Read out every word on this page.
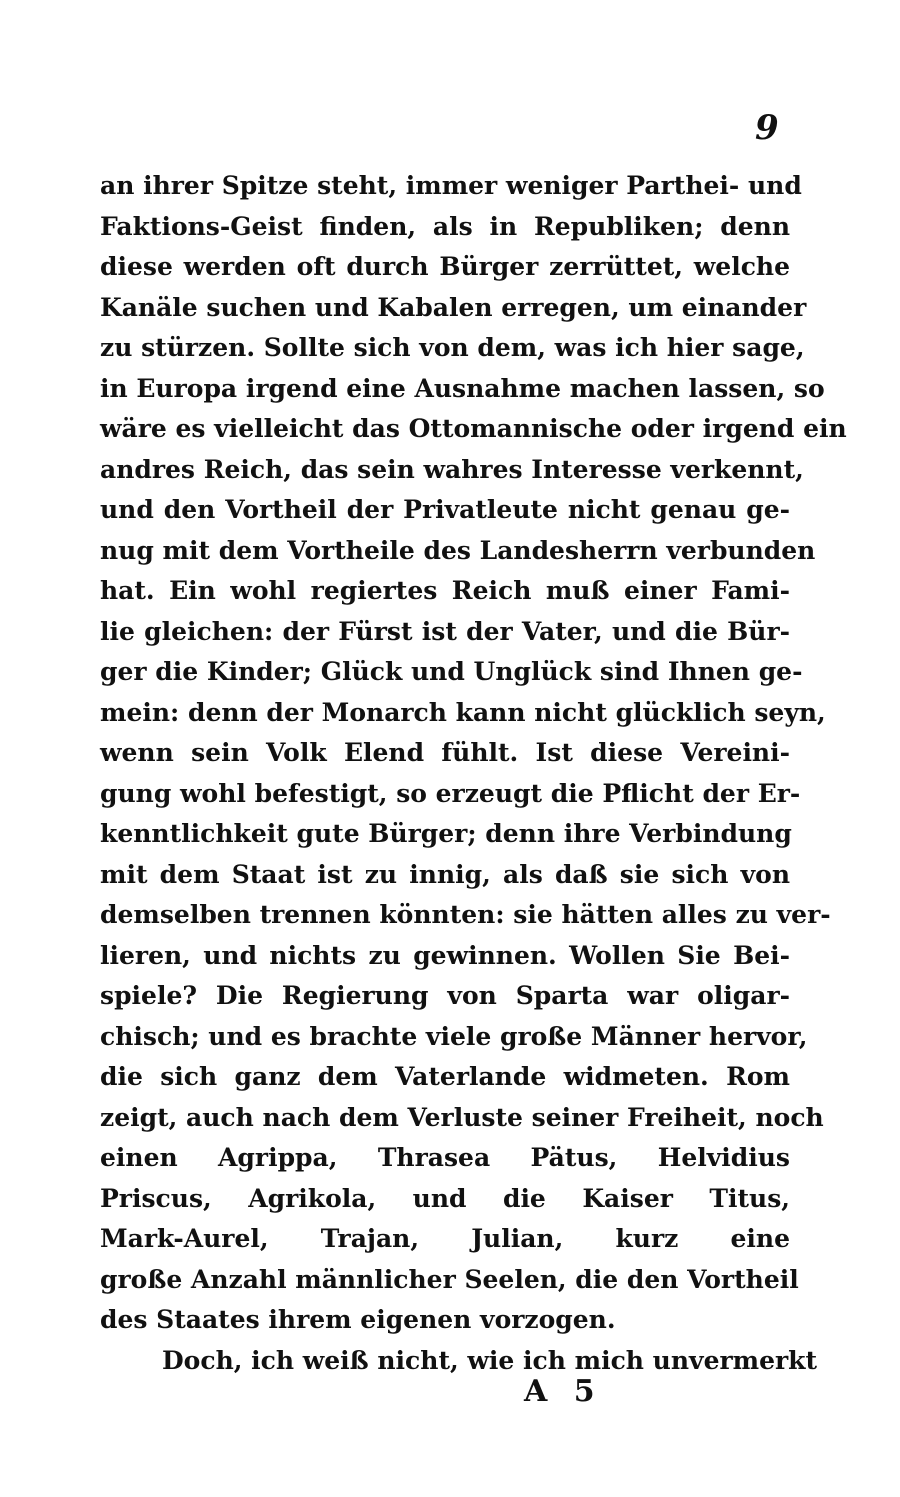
9
an ihrer Spitze steht, immer weniger Parthei- und
Faktions-Geist finden, als in Republiken; denn
diese werden oft durch Bürger zerrüttet, welche
Kanäle suchen und Kabalen erregen, um einander
zu stürzen. Sollte sich von dem, was ich hier sage,
in Europa irgend eine Ausnahme machen lassen, so
wäre es vielleicht das Ottomannische oder irgend ein
andres Reich, das sein wahres Interesse verkennt,
und den Vortheil der Privatleute nicht genau ge-
nug mit dem Vortheile des Landesherrn verbunden
hat. Ein wohl regiertes Reich muß einer Fami-
lie gleichen: der Fürst ist der Vater, und die Bür-
ger die Kinder; Glück und Unglück sind Ihnen ge-
mein: denn der Monarch kann nicht glücklich seyn,
wenn sein Volk Elend fühlt. Ist diese Vereini-
gung wohl befestigt, so erzeugt die Pflicht der Er-
kenntlichkeit gute Bürger; denn ihre Verbindung
mit dem Staat ist zu innig, als daß sie sich von
demselben trennen könnten: sie hätten alles zu ver-
lieren, und nichts zu gewinnen. Wollen Sie Bei-
spiele? Die Regierung von Sparta war oligar-
chisch; und es brachte viele große Männer hervor,
die sich ganz dem Vaterlande widmeten. Rom
zeigt, auch nach dem Verluste seiner Freiheit, noch
einen Agrippa, Thrasea Pätus, Helvidius
Priscus, Agrikola, und die Kaiser Titus,
Mark-Aurel, Trajan, Julian, kurz eine
große Anzahl männlicher Seelen, die den Vortheil
des Staates ihrem eigenen vorzogen.
Doch, ich weiß nicht, wie ich mich unvermerkt
A 5
